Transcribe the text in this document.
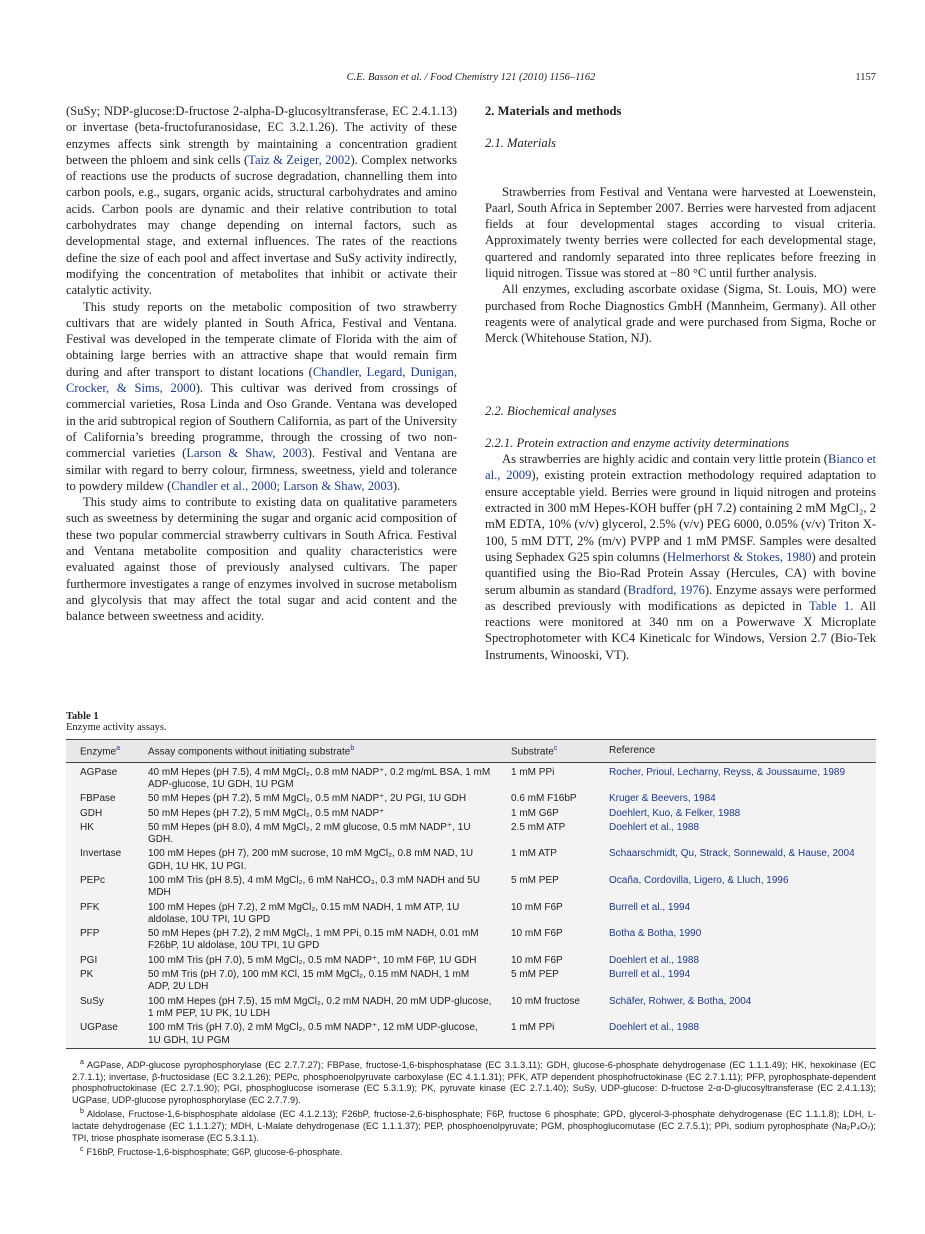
C.E. Basson et al. / Food Chemistry 121 (2010) 1156–1162	1157

(SuSy; NDP-glucose:D-fructose 2-alpha-D-glucosyltransferase, EC 2.4.1.13) or invertase (beta-fructofuranosidase, EC 3.2.1.26). The activity of these enzymes affects sink strength by maintaining a concentration gradient between the phloem and sink cells (Taiz & Zeiger, 2002). Complex networks of reactions use the products of sucrose degradation, channelling them into carbon pools, e.g., sugars, organic acids, structural carbohydrates and amino acids. Carbon pools are dynamic and their relative contribution to total carbohydrates may change depending on internal factors, such as developmental stage, and external influences. The rates of the reactions define the size of each pool and affect invertase and SuSy activity indirectly, modifying the concentration of metabolites that inhibit or activate their catalytic activity.

This study reports on the metabolic composition of two strawberry cultivars that are widely planted in South Africa, Festival and Ventana. Festival was developed in the temperate climate of Florida with the aim of obtaining large berries with an attractive shape that would remain firm during and after transport to distant locations (Chandler, Legard, Dunigan, Crocker, & Sims, 2000). This cultivar was derived from crossings of commercial varieties, Rosa Linda and Oso Grande. Ventana was developed in the arid subtropical region of Southern California, as part of the University of California’s breeding programme, through the crossing of two non-commercial varieties (Larson & Shaw, 2003). Festival and Ventana are similar with regard to berry colour, firmness, sweetness, yield and tolerance to powdery mildew (Chandler et al., 2000; Larson & Shaw, 2003).

This study aims to contribute to existing data on qualitative parameters such as sweetness by determining the sugar and organic acid composition of these two popular commercial strawberry cultivars in South Africa. Festival and Ventana metabolite composition and quality characteristics were evaluated against those of previously analysed cultivars. The paper furthermore investigates a range of enzymes involved in sucrose metabolism and glycolysis that may affect the total sugar and acid content and the balance between sweetness and acidity.

2. Materials and methods
2.1. Materials

Strawberries from Festival and Ventana were harvested at Loewenstein, Paarl, South Africa in September 2007. Berries were harvested from adjacent fields at four developmental stages according to visual criteria. Approximately twenty berries were collected for each developmental stage, quartered and randomly separated into three replicates before freezing in liquid nitrogen. Tissue was stored at −80 °C until further analysis.

All enzymes, excluding ascorbate oxidase (Sigma, St. Louis, MO) were purchased from Roche Diagnostics GmbH (Mannheim, Germany). All other reagents were of analytical grade and were purchased from Sigma, Roche or Merck (Whitehouse Station, NJ).

2.2. Biochemical analyses
2.2.1. Protein extraction and enzyme activity determinations

As strawberries are highly acidic and contain very little protein (Bianco et al., 2009), existing protein extraction methodology required adaptation to ensure acceptable yield. Berries were ground in liquid nitrogen and proteins extracted in 300 mM Hepes-KOH buffer (pH 7.2) containing 2 mM MgCl₂, 2 mM EDTA, 10% (v/v) glycerol, 2.5% (v/v) PEG 6000, 0.05% (v/v) Triton X-100, 5 mM DTT, 2% (m/v) PVPP and 1 mM PMSF. Samples were desalted using Sephadex G25 spin columns (Helmerhorst & Stokes, 1980) and protein quantified using the Bio-Rad Protein Assay (Hercules, CA) with bovine serum albumin as standard (Bradford, 1976). Enzyme assays were performed as described previously with modifications as depicted in Table 1. All reactions were monitored at 340 nm on a Powerwave X Microplate Spectrophotometer with KC4 Kineticalc for Windows, Version 2.7 (Bio-Tek Instruments, Winooski, VT).

Table 1
Enzyme activity assays.
Enzyme$^a$	Assay components without initiating substrate$^b$	Substrate$^c$	Reference
AGPase	40 mM Hepes (pH 7.5), 4 mM MgCl₂, 0.8 mM NADP⁺, 0.2 mg/mL BSA, 1 mM ADP-glucose, 1U GDH, 1U PGM	1 mM PPi	Rocher, Prioul, Lecharny, Reyss, & Joussaume, 1989
FBPase	50 mM Hepes (pH 7.2), 5 mM MgCl₂, 0.5 mM NADP⁺, 2U PGI, 1U GDH	0.6 mM F16bP	Kruger & Beevers, 1984
GDH	50 mM Hepes (pH 7.2), 5 mM MgCl₂, 0.5 mM NADP⁺	1 mM G6P	Doehlert, Kuo, & Felker, 1988
HK	50 mM Hepes (pH 8.0), 4 mM MgCl₂, 2 mM glucose, 0.5 mM NADP⁺, 1U GDH.	2.5 mM ATP	Doehlert et al., 1988
Invertase	100 mM Hepes (pH 7), 200 mM sucrose, 10 mM MgCl₂, 0.8 mM NAD, 1U GDH, 1U HK, 1U PGI.	1 mM ATP	Schaarschmidt, Qu, Strack, Sonnewald, & Hause, 2004
PEPc	100 mM Tris (pH 8.5), 4 mM MgCl₂, 6 mM NaHCO₃, 0.3 mM NADH and 5U MDH	5 mM PEP	Ocaña, Cordovilla, Ligero, & Lluch, 1996
PFK	100 mM Hepes (pH 7.2), 2 mM MgCl₂, 0.15 mM NADH, 1 mM ATP, 1U aldolase, 10U TPI, 1U GPD	10 mM F6P	Burrell et al., 1994
PFP	50 mM Hepes (pH 7.2), 2 mM MgCl₂, 1 mM PPi, 0.15 mM NADH, 0.01 mM F26bP, 1U aldolase, 10U TPI, 1U GPD	10 mM F6P	Botha & Botha, 1990
PGI	100 mM Tris (pH 7.0), 5 mM MgCl₂, 0.5 mM NADP⁺, 10 mM F6P, 1U GDH	10 mM F6P	Doehlert et al., 1988
PK	50 mM Tris (pH 7.0), 100 mM KCl, 15 mM MgCl₂, 0.15 mM NADH, 1 mM ADP, 2U LDH	5 mM PEP	Burrell et al., 1994
SuSy	100 mM Hepes (pH 7.5), 15 mM MgCl₂, 0.2 mM NADH, 20 mM UDP-glucose, 1 mM PEP, 1U PK, 1U LDH	10 mM fructose	Schäfer, Rohwer, & Botha, 2004
UGPase	100 mM Tris (pH 7.0), 2 mM MgCl₂, 0.5 mM NADP⁺, 12 mM UDP-glucose, 1U GDH, 1U PGM	1 mM PPi	Doehlert et al., 1988

$^a$ AGPase, ADP-glucose pyrophosphorylase (EC 2.7.7.27); FBPase, fructose-1,6-bisphosphatase (EC 3.1.3.11); GDH, glucose-6-phosphate dehydrogenase (EC 1.1.1.49); HK, hexokinase (EC 2.7.1.1); invertase, β-fructosidase (EC 3.2.1.26); PEPc, phosphoenolpyruvate carboxylase (EC 4.1.1.31); PFK, ATP dependent phosphofructokinase (EC 2.7.1.11); PFP, pyrophosphate-dependent phosphofructokinase (EC 2.7.1.90); PGI, phosphoglucose isomerase (EC 5.3.1.9); PK, pyruvate kinase (EC 2.7.1.40); SuSy, UDP-glucose: D-fructose 2-α-D-glucosyltransferase (EC 2.4.1.13); UGPase, UDP-glucose pyrophosphorylase (EC 2.7.7.9).

$^b$ Aldolase, Fructose-1,6-bisphosphate aldolase (EC 4.1.2.13); F26bP, fructose-2,6-bisphosphate; F6P, fructose 6 phosphate; GPD, glycerol-3-phosphate dehydrogenase (EC 1.1.1.8); LDH, L-lactate dehydrogenase (EC 1.1.1.27); MDH, L-Malate dehydrogenase (EC 1.1.1.37); PEP, phosphoenolpyruvate; PGM, phosphoglucomutase (EC 2.7.5.1); PPi, sodium pyrophosphate (Na₂P₄O₇); TPI, triose phosphate isomerase (EC 5.3.1.1).

$^c$ F16bP, Fructose-1,6-bisphosphate; G6P, glucose-6-phosphate.
